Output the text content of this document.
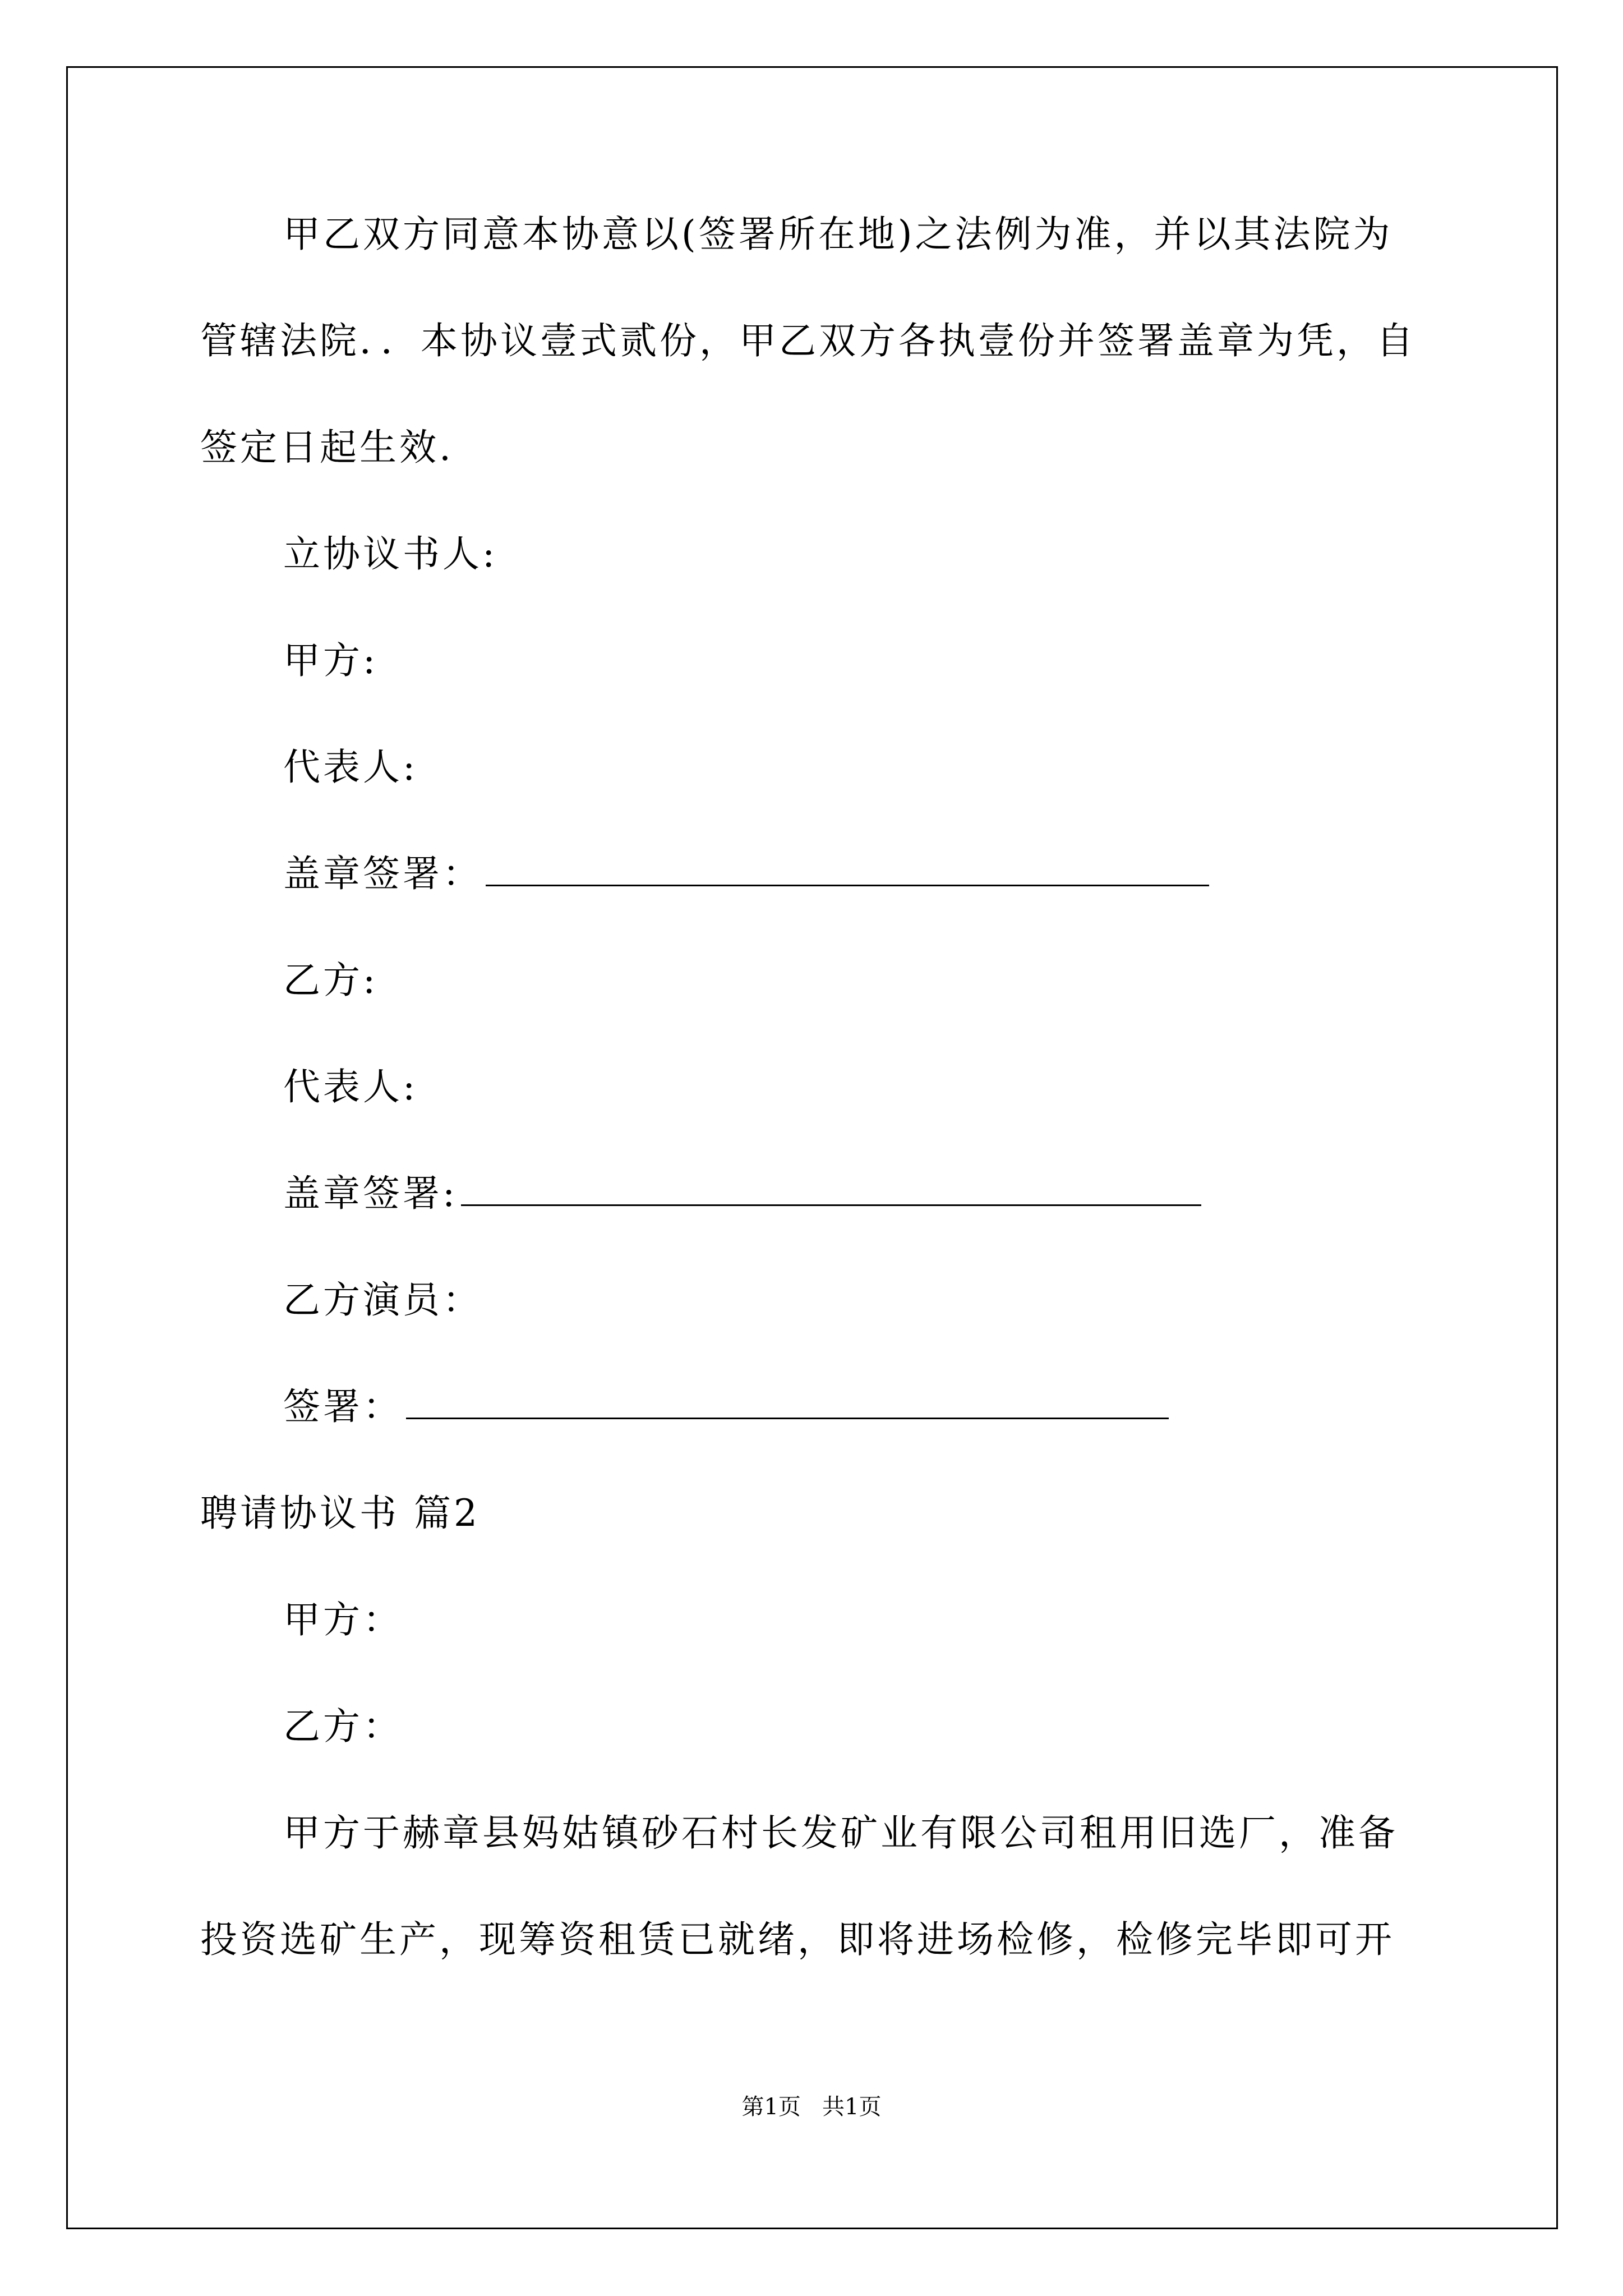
甲乙双方同意本协意以(签署所在地)之法例为准，并以其法院为
管辖法院．．本协议壹式贰份，甲乙双方各执壹份并签署盖章为凭，自
签定日起生效.
立协议书人:
甲方:
代表人:
盖章签署：
乙方:
代表人:
盖章签署:
乙方演员：
签署：
聘请协议书 篇2
甲方：
乙方：
甲方于赫章县妈姑镇砂石村长发矿业有限公司租用旧选厂，准备
投资选矿生产，现筹资租赁已就绪，即将进场检修，检修完毕即可开
第1页   共1页
